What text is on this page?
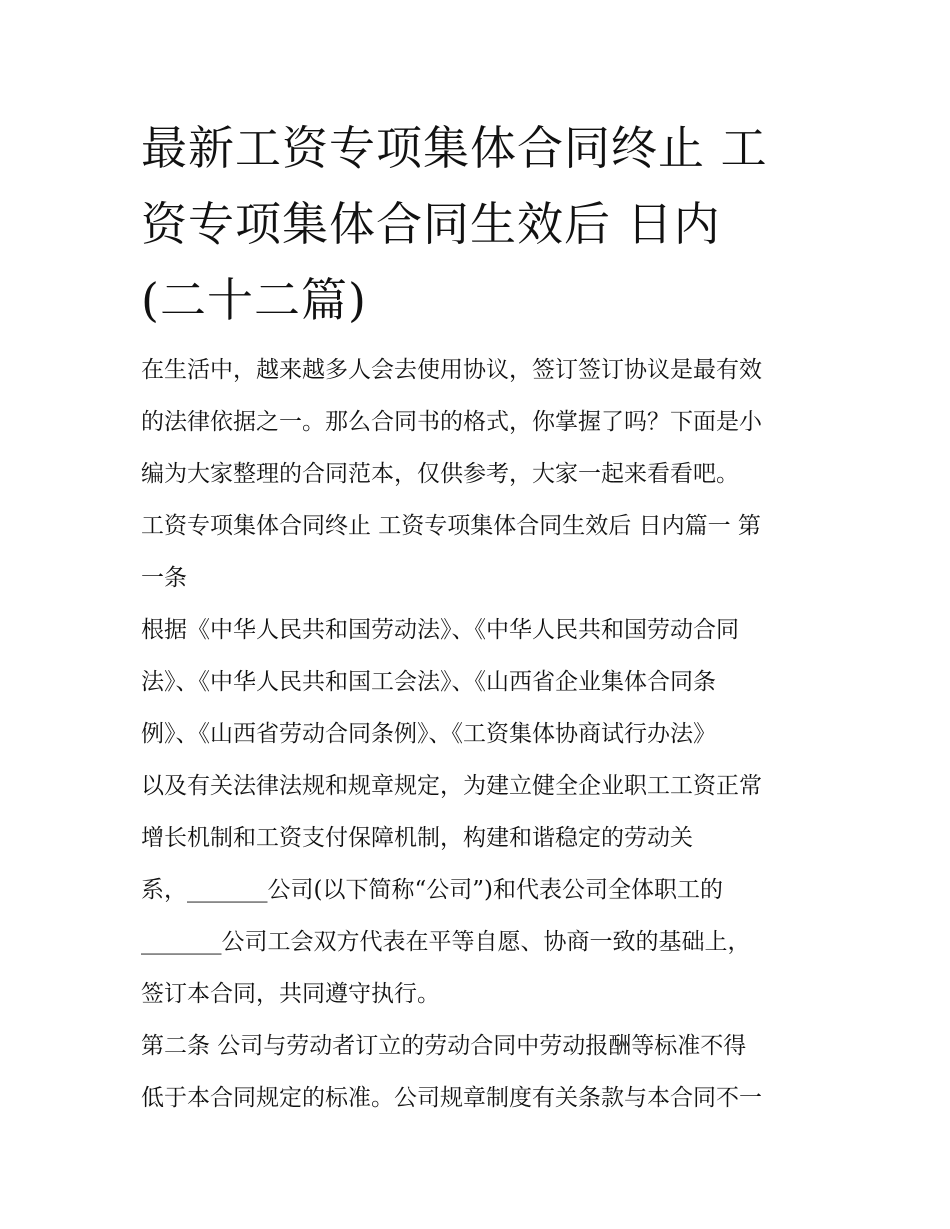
最新工资专项集体合同终止 工
资专项集体合同生效后 日内
(二十二篇)

在生活中，越来越多人会去使用协议，签订签订协议是最有效
的法律依据之一。那么合同书的格式，你掌握了吗？下面是小
编为大家整理的合同范本，仅供参考，大家一起来看看吧。

工资专项集体合同终止 工资专项集体合同生效后 日内篇一 第
一条

根据《中华人民共和国劳动法》、《中华人民共和国劳动合同
法》、《中华人民共和国工会法》、《山西省企业集体合同条
例》、《山西省劳动合同条例》、《工资集体协商试行办法》
以及有关法律法规和规章规定，为建立健全企业职工工资正常
增长机制和工资支付保障机制，构建和谐稳定的劳动关
系，_______公司(以下简称“公司”)和代表公司全体职工的
_______公司工会双方代表在平等自愿、协商一致的基础上，
签订本合同，共同遵守执行。

第二条 公司与劳动者订立的劳动合同中劳动报酬等标准不得
低于本合同规定的标准。公司规章制度有关条款与本合同不一
